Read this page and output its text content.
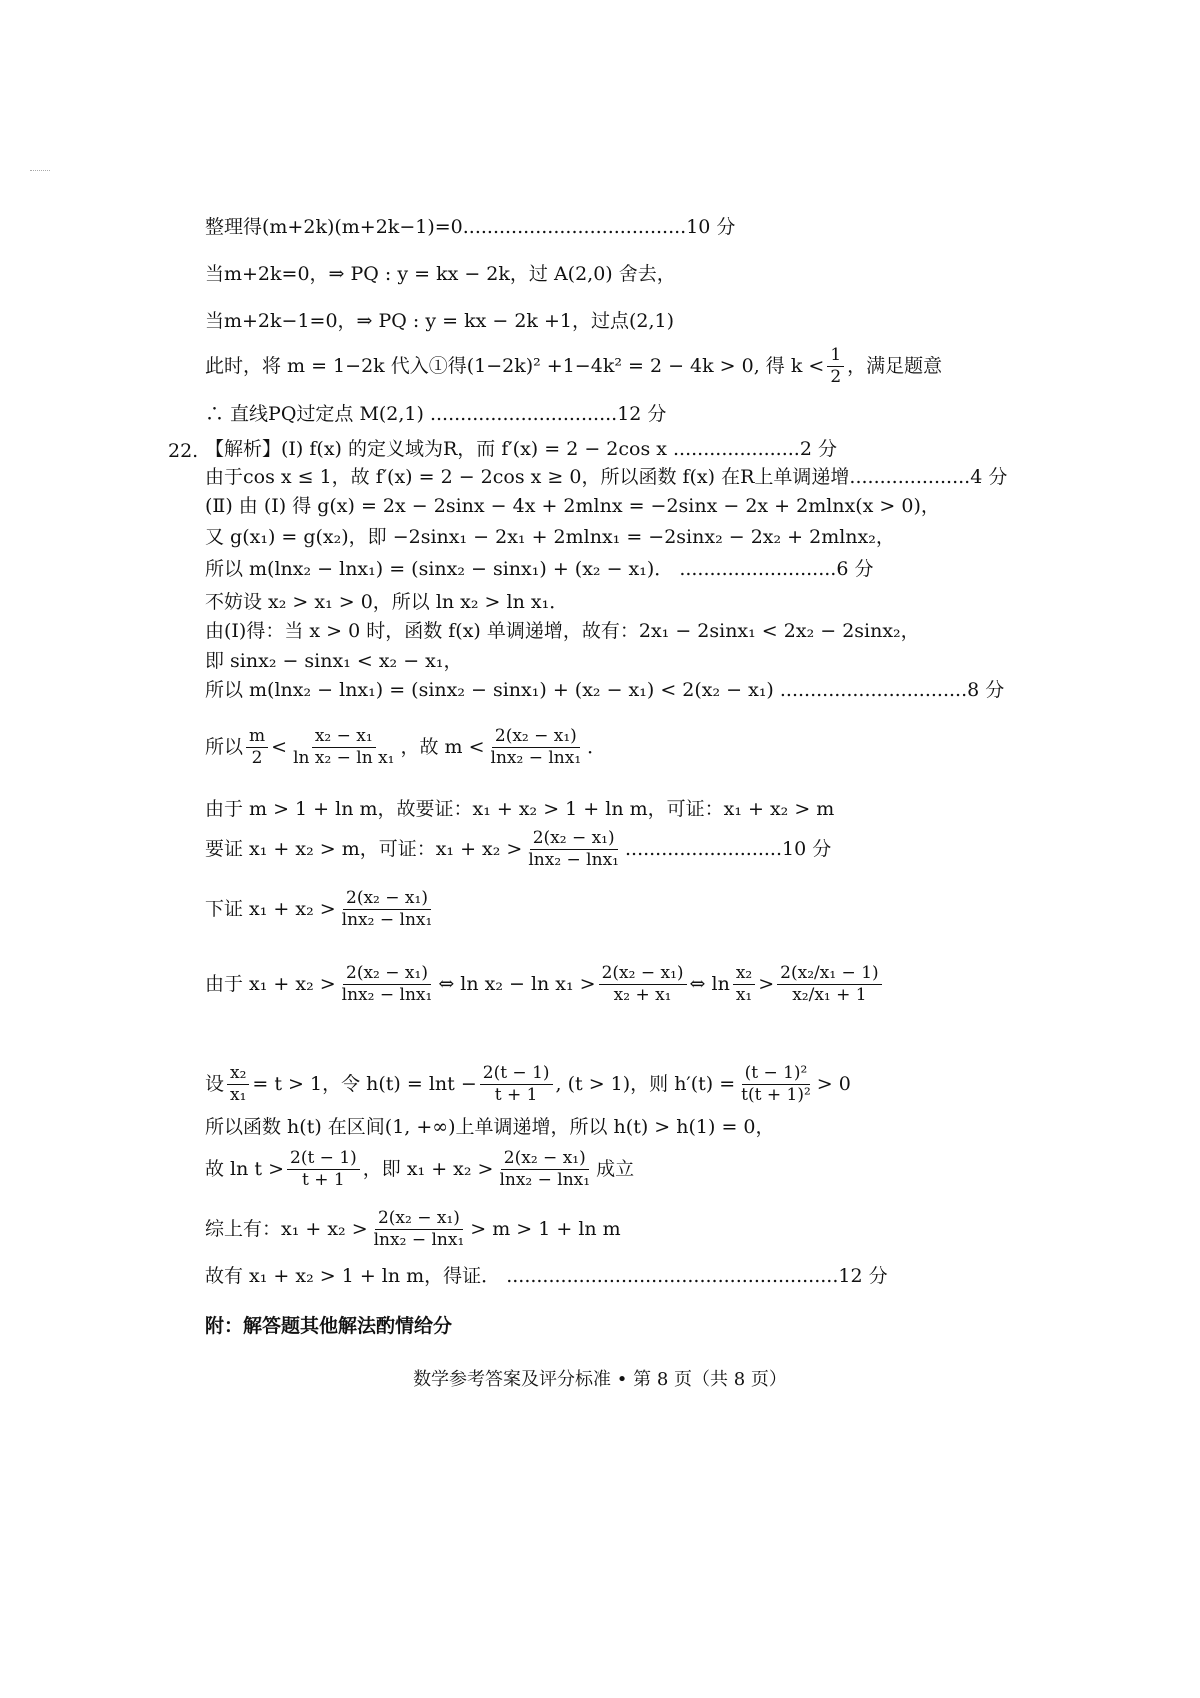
整理得(m+2k)(m+2k−1)=0..................................... 10 分
当m+2k=0，⇒ PQ : y = kx − 2k，过 A(2,0) 舍去，
当m+2k−1=0，⇒ PQ : y = kx − 2k +1，过点(2,1)
此时，将 m = 1−2k 代入①得(1−2k)² +1−4k² = 2 − 4k > 0, 得 $k < \frac{1}{2}$ ，满足题意
∴ 直线PQ过定点 M(2,1) ............................... 12 分
22. 【解析】(Ⅰ) f(x) 的定义域为R，而 f′(x) = 2 − 2cos x ..................... 2 分
由于cos x ≤ 1，故 f′(x) = 2 − 2cos x ≥ 0，所以函数 f(x) 在R上单调递增.................... 4 分
(Ⅱ) 由 (Ⅰ) 得 g(x) = 2x − 2sinx − 4x + 2mlnx = −2sinx − 2x + 2mlnx(x > 0)，
又 g(x₁) = g(x₂)，即 −2sinx₁ − 2x₁ + 2mlnx₁ = −2sinx₂ − 2x₂ + 2mlnx₂，
所以 m(lnx₂ − lnx₁) = (sinx₂ − sinx₁) + (x₂ − x₁)． .......................... 6 分
不妨设 x₂ > x₁ > 0，所以 ln x₂ > ln x₁．
由(Ⅰ)得：当 x > 0 时，函数 f(x) 单调递增，故有：2x₁ − 2sinx₁ < 2x₂ − 2sinx₂，
即 sinx₂ − sinx₁ < x₂ − x₁，
所以 m(lnx₂ − lnx₁) = (sinx₂ − sinx₁) + (x₂ − x₁) < 2(x₂ − x₁) ............................... 8 分
所以 $\frac{m}{2} < \frac{\text{x₂ − x₁}}{\text{ln x₂ − ln x₁}}$ ，故 $m < \frac{\text{2(x₂ − x₁)}}{\text{lnx₂ − lnx₁}}$ ．
由于 m > 1 + ln m，故要证：x₁ + x₂ > 1 + ln m，可证：x₁ + x₂ > m
要证 x₁ + x₂ > m，可证：$x_1 + x_2 > \frac{\text{2(x₂ − x₁)}}{\text{lnx₂ − lnx₁}}$ .......................... 10 分
下证 $x_1 + x_2 > \frac{\text{2(x₂ − x₁)}}{\text{lnx₂ − lnx₁}}$
由于 $x_1 + x_2 > \frac{\text{2(x₂ − x₁)}}{\text{lnx₂ − lnx₁}}$ ⇔ $\ln x_2 - \ln x_1 > \frac{\text{2(x₂ − x₁)}}{\text{x₂ + x₁}}$ ⇔ $\ln \frac{\text{x₂}}{\text{x₁}} > \frac{\text{2(x₂/x₁ − 1)}}{\text{x₂/x₁ + 1}}$
设 $\frac{\text{x₂}}{\text{x₁}} = t > 1$，令 $h(t) = \ln t - \frac{2(t - 1)}{t + 1}$ , (t > 1)，则 $h'(t) = \frac{\text{(t − 1)²}}{\text{t(t + 1)²}} > 0$
所以函数 h(t) 在区间(1, +∞)上单调递增，所以 h(t) > h(1) = 0，
故 $\ln t > \frac{2(t - 1)}{t + 1}$ ，即 $x_1 + x_2 > \frac{\text{2(x₂ − x₁)}}{\text{lnx₂ − lnx₁}}$ 成立
综上有：$x_1 + x_2 > \frac{\text{2(x₂ − x₁)}}{\text{lnx₂ − lnx₁}} > m > 1 + \ln m$
故有 x₁ + x₂ > 1 + ln m，得证． ....................................................... 12 分
附：解答题其他解法酌情给分
数学参考答案及评分标准 • 第 8 页（共 8 页）
